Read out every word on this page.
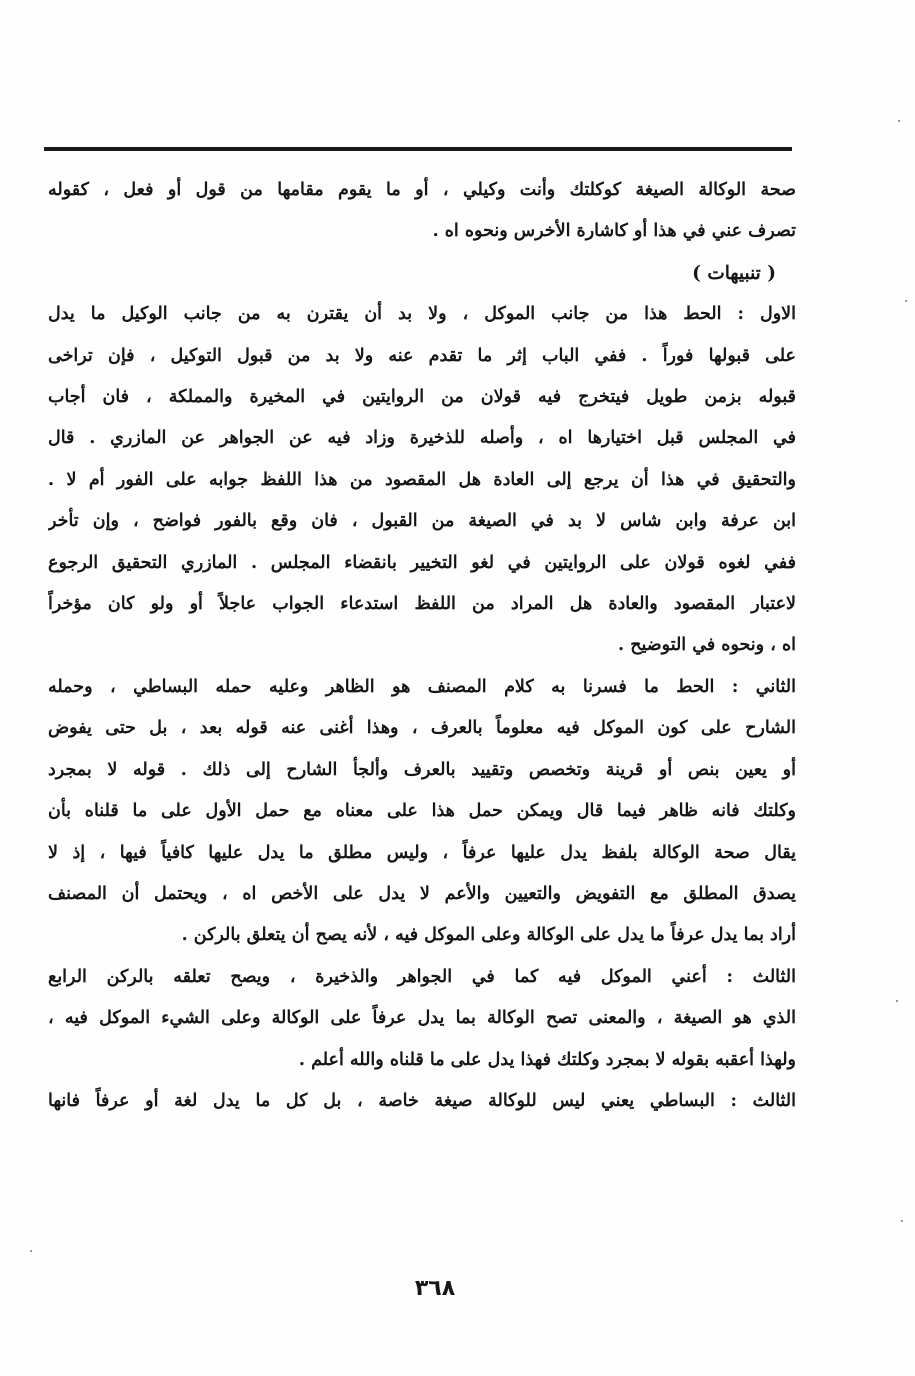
صحة الوكالة الصيغة كوكلتك وأنت وكيلي ، أو ما يقوم مقامها من قول أو فعل ، كقوله
تصرف عني في هذا أو كاشارة الأخرس ونحوه اه .
( تنبيهات )
الاول : الحط هذا من جانب الموكل ، ولا بد أن يقترن به من جانب الوكيل ما يدل
على قبولها فوراً . ففي الباب إثر ما تقدم عنه ولا بد من قبول التوكيل ، فإن تراخى
قبوله بزمن طويل فيتخرج فيه قولان من الروايتين في المخيرة والمملكة ، فان أجاب
في المجلس قبل اختيارها اه ، وأصله للذخيرة وزاد فيه عن الجواهر عن المازري . قال
والتحقيق في هذا أن يرجع إلى العادة هل المقصود من هذا اللفظ جوابه على الفور أم لا .
ابن عرفة وابن شاس لا بد في الصيغة من القبول ، فان وقع بالفور فواضح ، وإن تأخر
ففي لغوه قولان على الروايتين في لغو التخيير بانقضاء المجلس . المازري التحقيق الرجوع
لاعتبار المقصود والعادة هل المراد من اللفظ استدعاء الجواب عاجلاً أو ولو كان مؤخراً
اه ، ونحوه في التوضيح .
الثاني : الحط ما فسرنا به كلام المصنف هو الظاهر وعليه حمله البساطي ، وحمله
الشارح على كون الموكل فيه معلوماً بالعرف ، وهذا أغنى عنه قوله بعد ، بل حتى يفوض
أو يعين بنص أو قرينة وتخصص وتقييد بالعرف وألجأ الشارح إلى ذلك . قوله لا بمجرد
وكلتك فانه ظاهر فيما قال ويمكن حمل هذا على معناه مع حمل الأول على ما قلناه بأن
يقال صحة الوكالة بلفظ يدل عليها عرفاً ، وليس مطلق ما يدل عليها كافياً فيها ، إذ لا
يصدق المطلق مع التفويض والتعيين والأعم لا يدل على الأخص اه ، ويحتمل أن المصنف
أراد بما يدل عرفاً ما يدل على الوكالة وعلى الموكل فيه ، لأنه يصح أن يتعلق بالركن .
الثالث : أعني الموكل فيه كما في الجواهر والذخيرة ، ويصح تعلقه بالركن الرابع
الذي هو الصيغة ، والمعنى تصح الوكالة بما يدل عرفاً على الوكالة وعلى الشيء الموكل فيه ،
ولهذا أعقبه بقوله لا بمجرد وكلتك فهذا يدل على ما قلناه والله أعلم .
الثالث : البساطي يعني ليس للوكالة صيغة خاصة ، بل كل ما يدل لغة أو عرفاً فانها
٣٦٨
